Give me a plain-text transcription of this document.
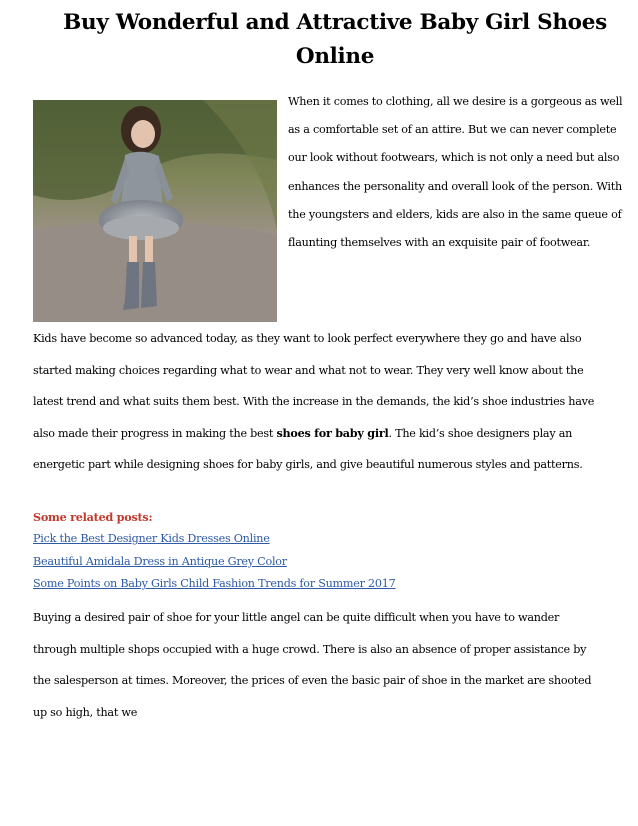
Buy Wonderful and Attractive Baby Girl Shoes Online

When it comes to clothing, all we desire is a gorgeous as well as a comfortable set of an attire. But we can never complete our look without footwears, which is not only a need but also enhances the personality and overall look of the person. With the youngsters and elders, kids are also in the same queue of flaunting themselves with an exquisite pair of footwear.

Kids have become so advanced today, as they want to look perfect everywhere they go and have also started making choices regarding what to wear and what not to wear. They very well know about the latest trend and what suits them best. With the increase in the demands, the kid’s shoe industries have also made their progress in making the best shoes for baby girl. The kid’s shoe designers play an energetic part while designing shoes for baby girls, and give beautiful numerous styles and patterns.

Some related posts:
Pick the Best Designer Kids Dresses Online
Beautiful Amidala Dress in Antique Grey Color
Some Points on Baby Girls Child Fashion Trends for Summer 2017

Buying a desired pair of shoe for your little angel can be quite difficult when you have to wander through multiple shops occupied with a huge crowd. There is also an absence of proper assistance by the salesperson at times. Moreover, the prices of even the basic pair of shoe in the market are shooted up so high, that we
